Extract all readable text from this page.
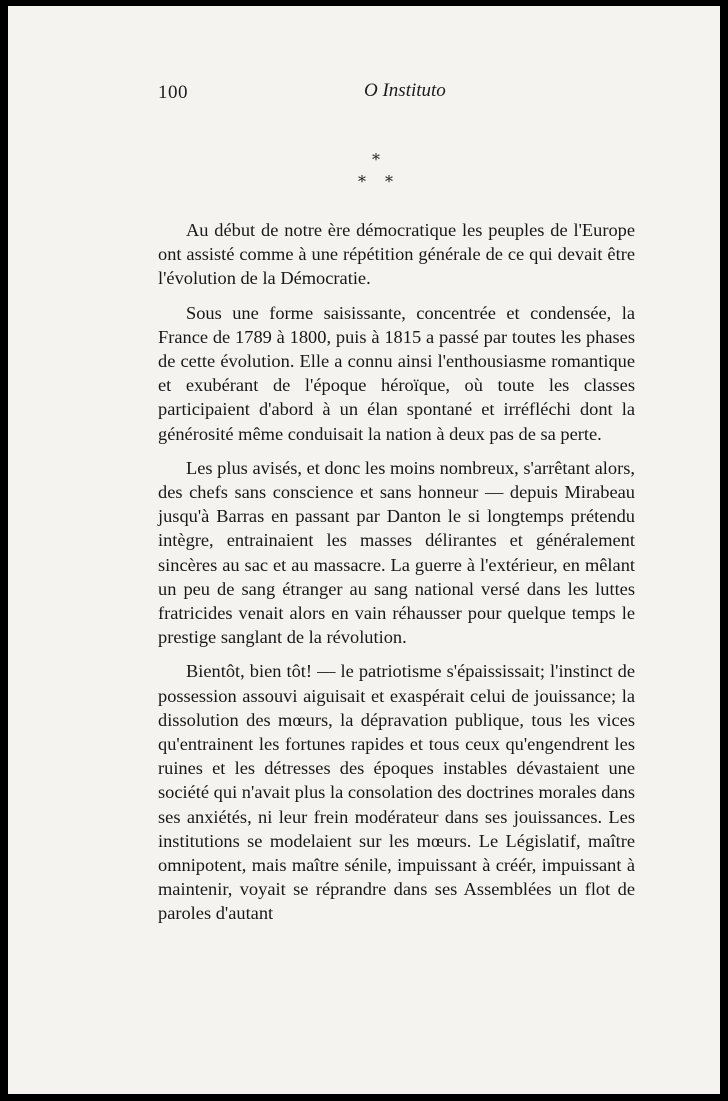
100	O Instituto
*
* *

Au début de notre ère démocratique les peuples de l'Europe ont assisté comme à une répétition générale de ce qui devait être l'évolution de la Démocratie.

Sous une forme saisissante, concentrée et condensée, la France de 1789 à 1800, puis à 1815 a passé par toutes les phases de cette évolution. Elle a connu ainsi l'enthousiasme romantique et exubérant de l'époque héroïque, où toute les classes participaient d'abord à un élan spontané et irréfléchi dont la générosité même conduisait la nation à deux pas de sa perte.

Les plus avisés, et donc les moins nombreux, s'arrêtant alors, des chefs sans conscience et sans honneur — depuis Mirabeau jusqu'à Barras en passant par Danton le si longtemps prétendu intègre, entrainaient les masses délirantes et généralement sincères au sac et au massacre. La guerre à l'extérieur, en mêlant un peu de sang étranger au sang national versé dans les luttes fratricides venait alors en vain réhausser pour quelque temps le prestige sanglant de la révolution.

Bientôt, bien tôt! — le patriotisme s'épaississait; l'instinct de possession assouvi aiguisait et exaspérait celui de jouissance; la dissolution des mœurs, la dépravation publique, tous les vices qu'entrainent les fortunes rapides et tous ceux qu'engendrent les ruines et les détresses des époques instables dévastaient une société qui n'avait plus la consolation des doctrines morales dans ses anxiétés, ni leur frein modérateur dans ses jouissances. Les institutions se modelaient sur les mœurs. Le Législatif, maître omnipotent, mais maître sénile, impuissant à créér, impuissant à maintenir, voyait se réprandre dans ses Assemblées un flot de paroles d'autant
